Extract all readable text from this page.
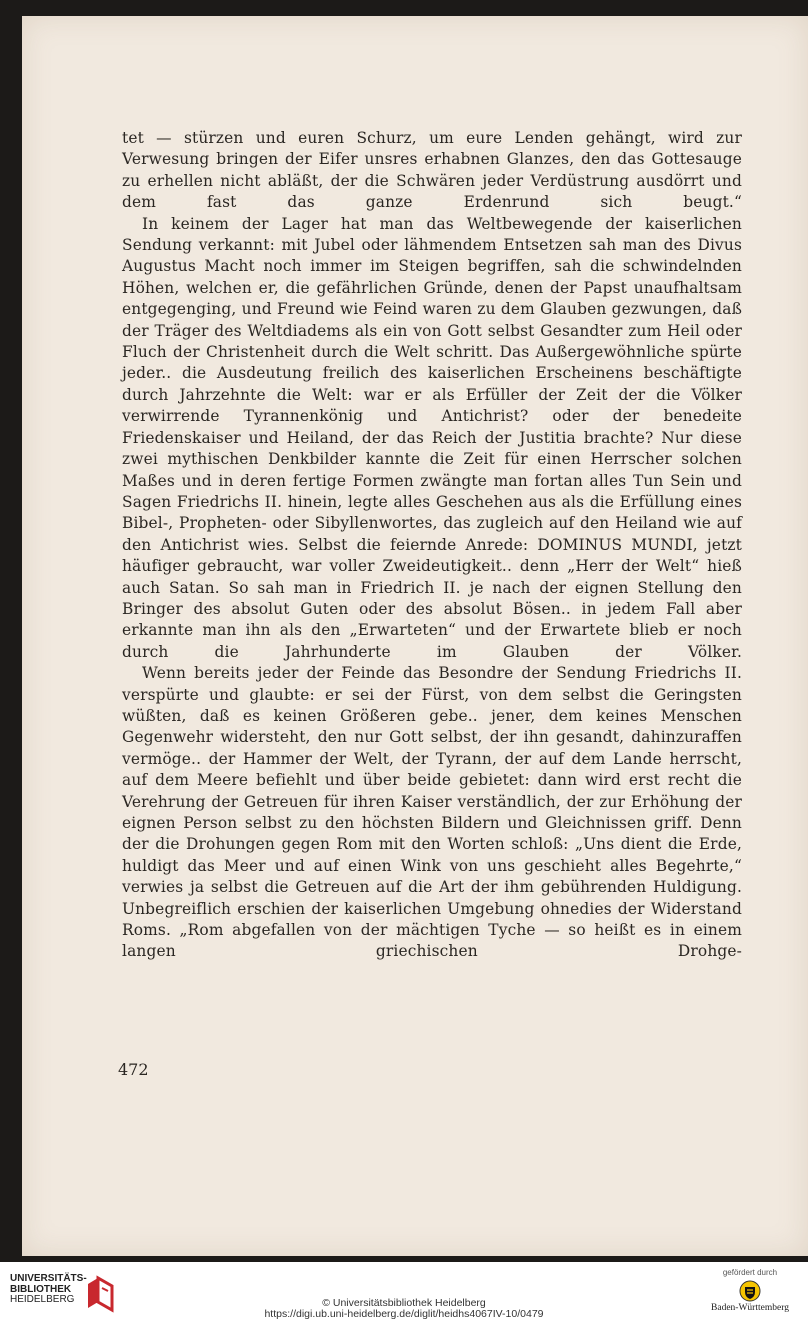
tet — stürzen und euren Schurz, um eure Lenden gehängt, wird zur Verwesung bringen der Eifer unsres erhabnen Glanzes, den das Gottesauge zu erhellen nicht abläßt, der die Schwären jeder Verdüstrung ausdörrt und dem fast das ganze Erdenrund sich beugt.“

In keinem der Lager hat man das Weltbewegende der kaiserlichen Sendung verkannt: mit Jubel oder lähmendem Entsetzen sah man des Divus Augustus Macht noch immer im Steigen begriffen, sah die schwindelnden Höhen, welchen er, die gefährlichen Gründe, denen der Papst unaufhaltsam entgegenging, und Freund wie Feind waren zu dem Glauben gezwungen, daß der Träger des Weltdiadems als ein von Gott selbst Gesandter zum Heil oder Fluch der Christenheit durch die Welt schritt. Das Außergewöhnliche spürte jeder.. die Ausdeutung freilich des kaiserlichen Erscheinens beschäftigte durch Jahrzehnte die Welt: war er als Erfüller der Zeit der die Völker verwirrende Tyrannenkönig und Antichrist? oder der benedeite Friedenskaiser und Heiland, der das Reich der Justitia brachte? Nur diese zwei mythischen Denkbilder kannte die Zeit für einen Herrscher solchen Maßes und in deren fertige Formen zwängte man fortan alles Tun Sein und Sagen Friedrichs II. hinein, legte alles Geschehen aus als die Erfüllung eines Bibel-, Propheten- oder Sibyllenwortes, das zugleich auf den Heiland wie auf den Antichrist wies. Selbst die feiernde Anrede: DOMINUS MUNDI, jetzt häufiger gebraucht, war voller Zweideutigkeit.. denn „Herr der Welt“ hieß auch Satan. So sah man in Friedrich II. je nach der eignen Stellung den Bringer des absolut Guten oder des absolut Bösen.. in jedem Fall aber erkannte man ihn als den „Erwarteten“ und der Erwartete blieb er noch durch die Jahrhunderte im Glauben der Völker.

Wenn bereits jeder der Feinde das Besondre der Sendung Friedrichs II. verspürte und glaubte: er sei der Fürst, von dem selbst die Geringsten wüßten, daß es keinen Größeren gebe.. jener, dem keines Menschen Gegenwehr widersteht, den nur Gott selbst, der ihn gesandt, dahinzuraffen vermöge.. der Hammer der Welt, der Tyrann, der auf dem Lande herrscht, auf dem Meere befiehlt und über beide gebietet: dann wird erst recht die Verehrung der Getreuen für ihren Kaiser verständlich, der zur Erhöhung der eignen Person selbst zu den höchsten Bildern und Gleichnissen griff. Denn der die Drohungen gegen Rom mit den Worten schloß: „Uns dient die Erde, huldigt das Meer und auf einen Wink von uns geschieht alles Begehrte,“ verwies ja selbst die Getreuen auf die Art der ihm gebührenden Huldigung. Unbegreiflich erschien der kaiserlichen Umgebung ohnedies der Widerstand Roms. „Rom abgefallen von der mächtigen Tyche — so heißt es in einem langen griechischen Drohge-

472
UNIVERSITÄTS-
BIBLIOTHEK
HEIDELBERG	© Universitätsbibliothek Heidelberg
https://digi.ub.uni-heidelberg.de/diglit/heidhs4067IV-10/0479
gefördert durch
Baden-Württemberg
